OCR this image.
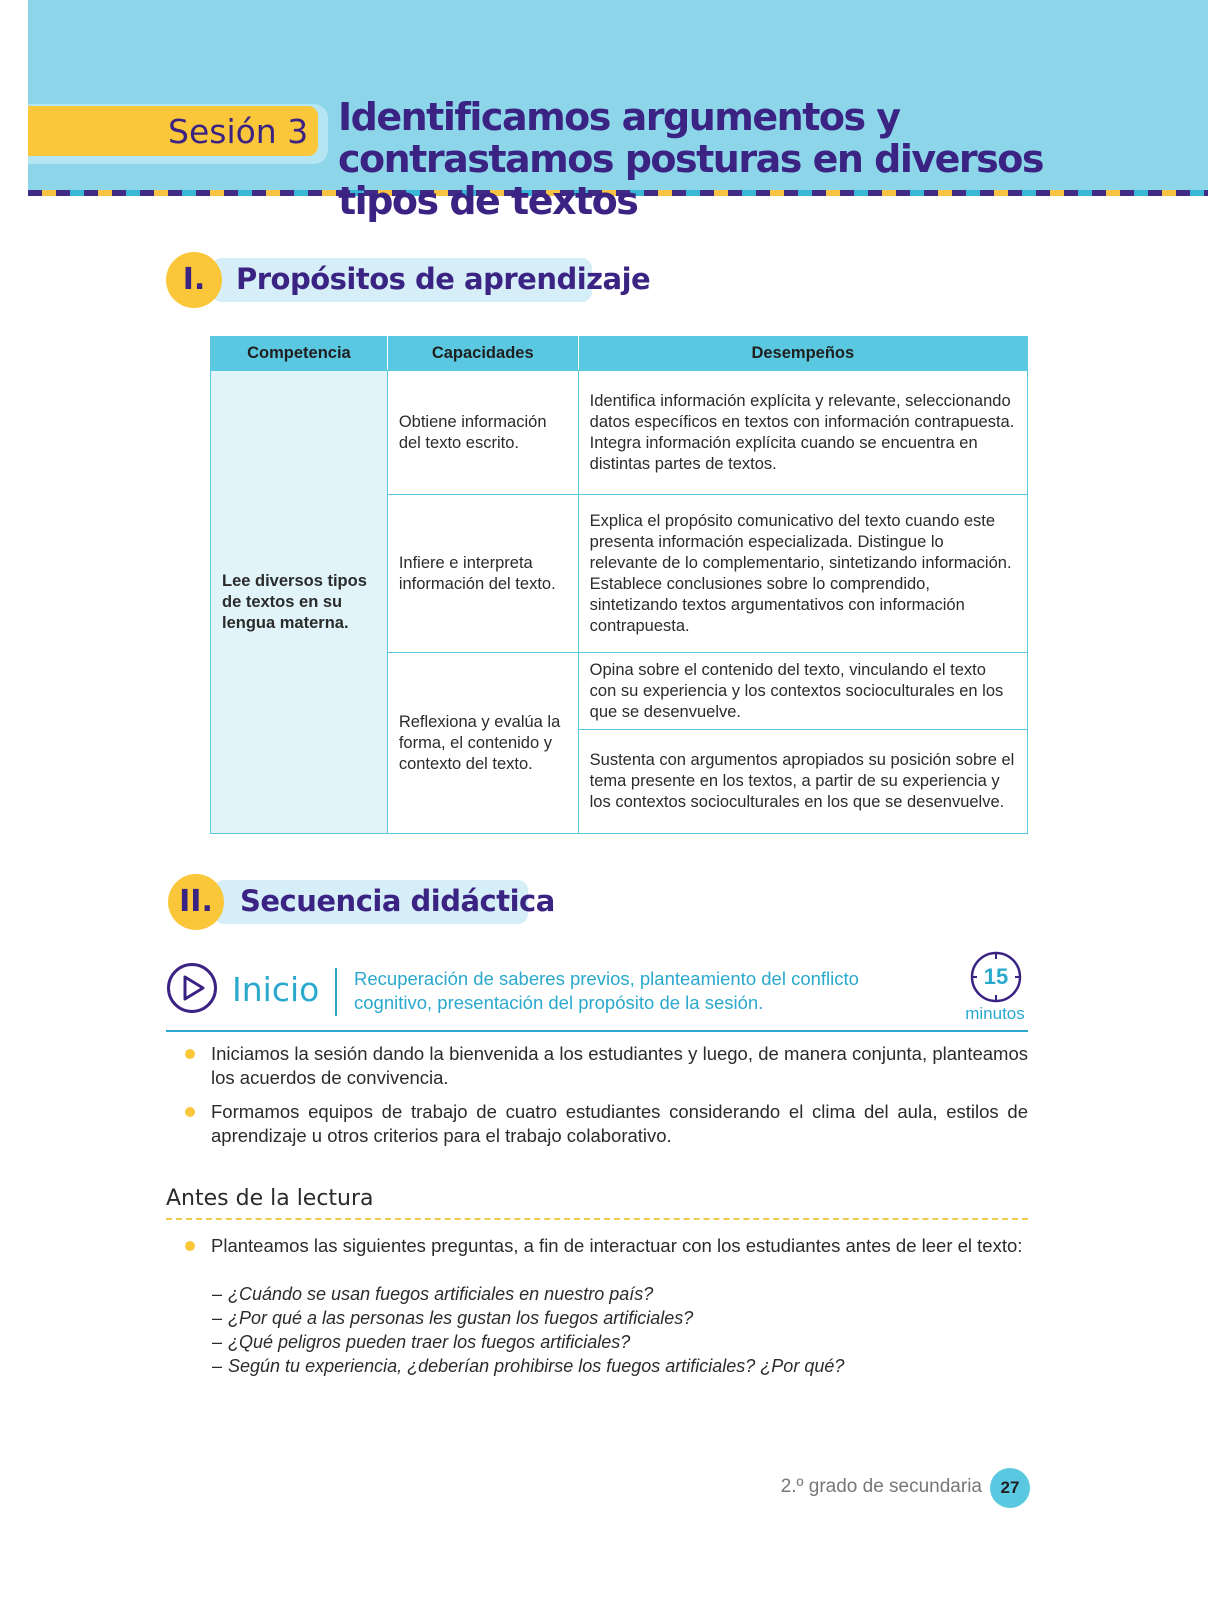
Sesión 3 Identificamos argumentos y contrastamos posturas en diversos tipos de textos
I.	Propósitos de aprendizaje
Competencia	Capacidades	Desempeños
Lee diversos tipos de textos en su lengua materna.	Obtiene información del texto escrito.	Identifica información explícita y relevante, seleccionando datos específicos en textos con información contrapuesta. Integra información explícita cuando se encuentra en distintas partes de textos.
	Infiere e interpreta información del texto.	Explica el propósito comunicativo del texto cuando este presenta información especializada. Distingue lo relevante de lo complementario, sintetizando información. Establece conclusiones sobre lo comprendido, sintetizando textos argumentativos con información contrapuesta.
	Reflexiona y evalúa la forma, el contenido y contexto del texto.	Opina sobre el contenido del texto, vinculando el texto con su experiencia y los contextos socioculturales en los que se desenvuelve.
		Sustenta con argumentos apropiados su posición sobre el tema presente en los textos, a partir de su experiencia y los contextos socioculturales en los que se desenvuelve.
II. Secuencia didáctica
Inicio Recuperación de saberes previos, planteamiento del conflicto cognitivo, presentación del propósito de la sesión.
15
minutos
Iniciamos la sesión dando la bienvenida a los estudiantes y luego, de manera conjunta, planteamos los acuerdos de convivencia.
Formamos equipos de trabajo de cuatro estudiantes considerando el clima del aula, estilos de aprendizaje u otros criterios para el trabajo colaborativo.
Antes de la lectura
Planteamos las siguientes preguntas, a fin de interactuar con los estudiantes antes de leer el texto:
– ¿Cuándo se usan fuegos artificiales en nuestro país?
– ¿Por qué a las personas les gustan los fuegos artificiales?
– ¿Qué peligros pueden traer los fuegos artificiales?
– Según tu experiencia, ¿deberían prohibirse los fuegos artificiales? ¿Por qué?
2.º grado de secundaria	27
